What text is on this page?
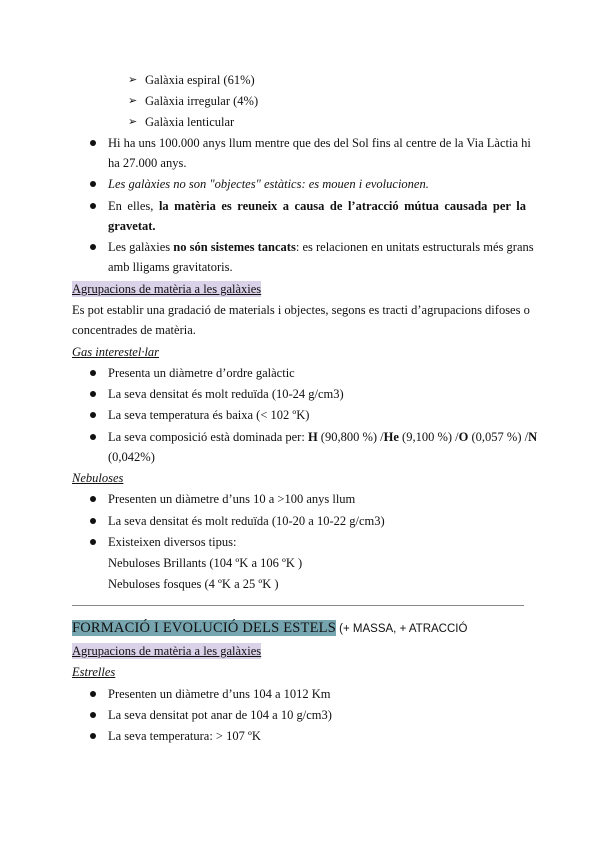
➢ Galàxia espiral (61%)
➢ Galàxia irregular (4%)
➢ Galàxia lenticular
Hi ha uns 100.000 anys llum mentre que des del Sol fins al centre de la Via Làctia hi
ha 27.000 anys.
Les galàxies no son "objectes" estàtics: es mouen i evolucionen.
En elles, la matèria es reuneix a causa de l’atracció mútua causada per la
gravetat.
Les galàxies no són sistemes tancats: es relacionen en unitats estructurals més grans
amb lligams gravitatoris.
Agrupacions de matèria a les galàxies
Es pot establir una gradació de materials i objectes, segons es tracti d’agrupacions difoses o
concentrades de matèria.
Gas interestel·lar
Presenta un diàmetre d’ordre galàctic
La seva densitat és molt reduïda (10-24 g/cm3)
La seva temperatura és baixa (< 102 ºK)
La seva composició està dominada per: H (90,800 %) /He (9,100 %) /O (0,057 %) /N
(0,042%)
Nebuloses
Presenten un diàmetre d’uns 10 a >100 anys llum
La seva densitat és molt reduïda (10-20 a 10-22 g/cm3)
Existeixen diversos tipus:
Nebuloses Brillants (104 ºK a 106 ºK )
Nebuloses fosques (4 ºK a 25 ºK )
FORMACIÓ I EVOLUCIÓ DELS ESTELS (+ MASSA, + ATRACCIÓ
Agrupacions de matèria a les galàxies
Estrelles
Presenten un diàmetre d’uns 104 a 1012 Km
La seva densitat pot anar de 104 a 10 g/cm3)
La seva temperatura: > 107 ºK
